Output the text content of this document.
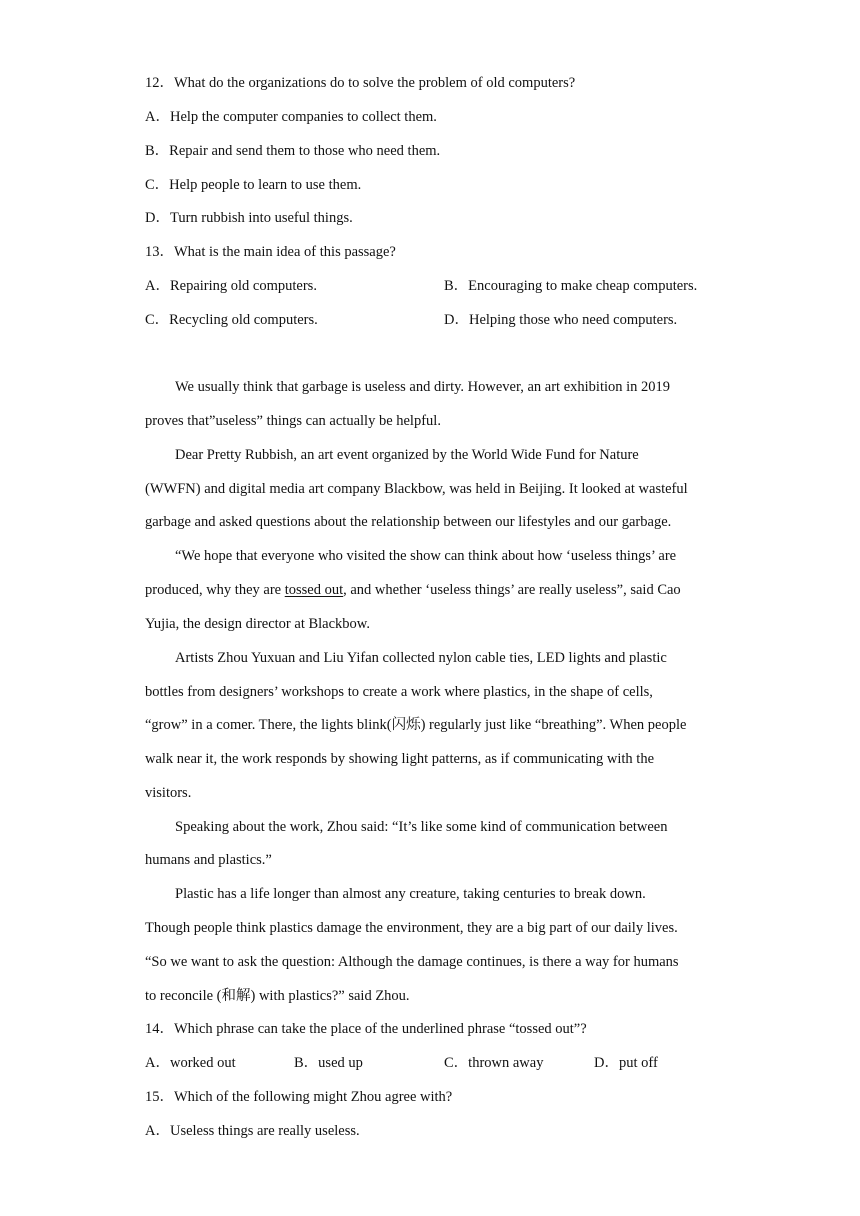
12．What do the organizations do to solve the problem of old computers?
A．Help the computer companies to collect them.
B．Repair and send them to those who need them.
C．Help people to learn to use them.
D．Turn rubbish into useful things.
13．What is the main idea of this passage?
A．Repairing old computers.	B．Encouraging to make cheap computers.
C．Recycling old computers.	D．Helping those who need computers.
We usually think that garbage is useless and dirty. However, an art exhibition in 2019
proves that”useless” things can actually be helpful.
Dear Pretty Rubbish, an art event organized by the World Wide Fund for Nature
(WWFN) and digital media art company Blackbow, was held in Beijing. It looked at wasteful
garbage and asked questions about the relationship between our lifestyles and our garbage.
“We hope that everyone who visited the show can think about how ‘useless things’ are
produced, why they are tossed out, and whether ‘useless things’ are really useless”, said Cao
Yujia, the design director at Blackbow.
Artists Zhou Yuxuan and Liu Yifan collected nylon cable ties, LED lights and plastic
bottles from designers’ workshops to create a work where plastics, in the shape of cells,
“grow” in a comer. There, the lights blink(闪烁) regularly just like “breathing”. When people
walk near it, the work responds by showing light patterns, as if communicating with the
visitors.
Speaking about the work, Zhou said: “It’s like some kind of communication between
humans and plastics.”
Plastic has a life longer than almost any creature, taking centuries to break down.
Though people think plastics damage the environment, they are a big part of our daily lives.
“So we want to ask the question: Although the damage continues, is there a way for humans
to reconcile (和解) with plastics?” said Zhou.
14．Which phrase can take the place of the underlined phrase “tossed out”?
A．worked out	B．used up	C．thrown away	D．put off
15．Which of the following might Zhou agree with?
A．Useless things are really useless.
